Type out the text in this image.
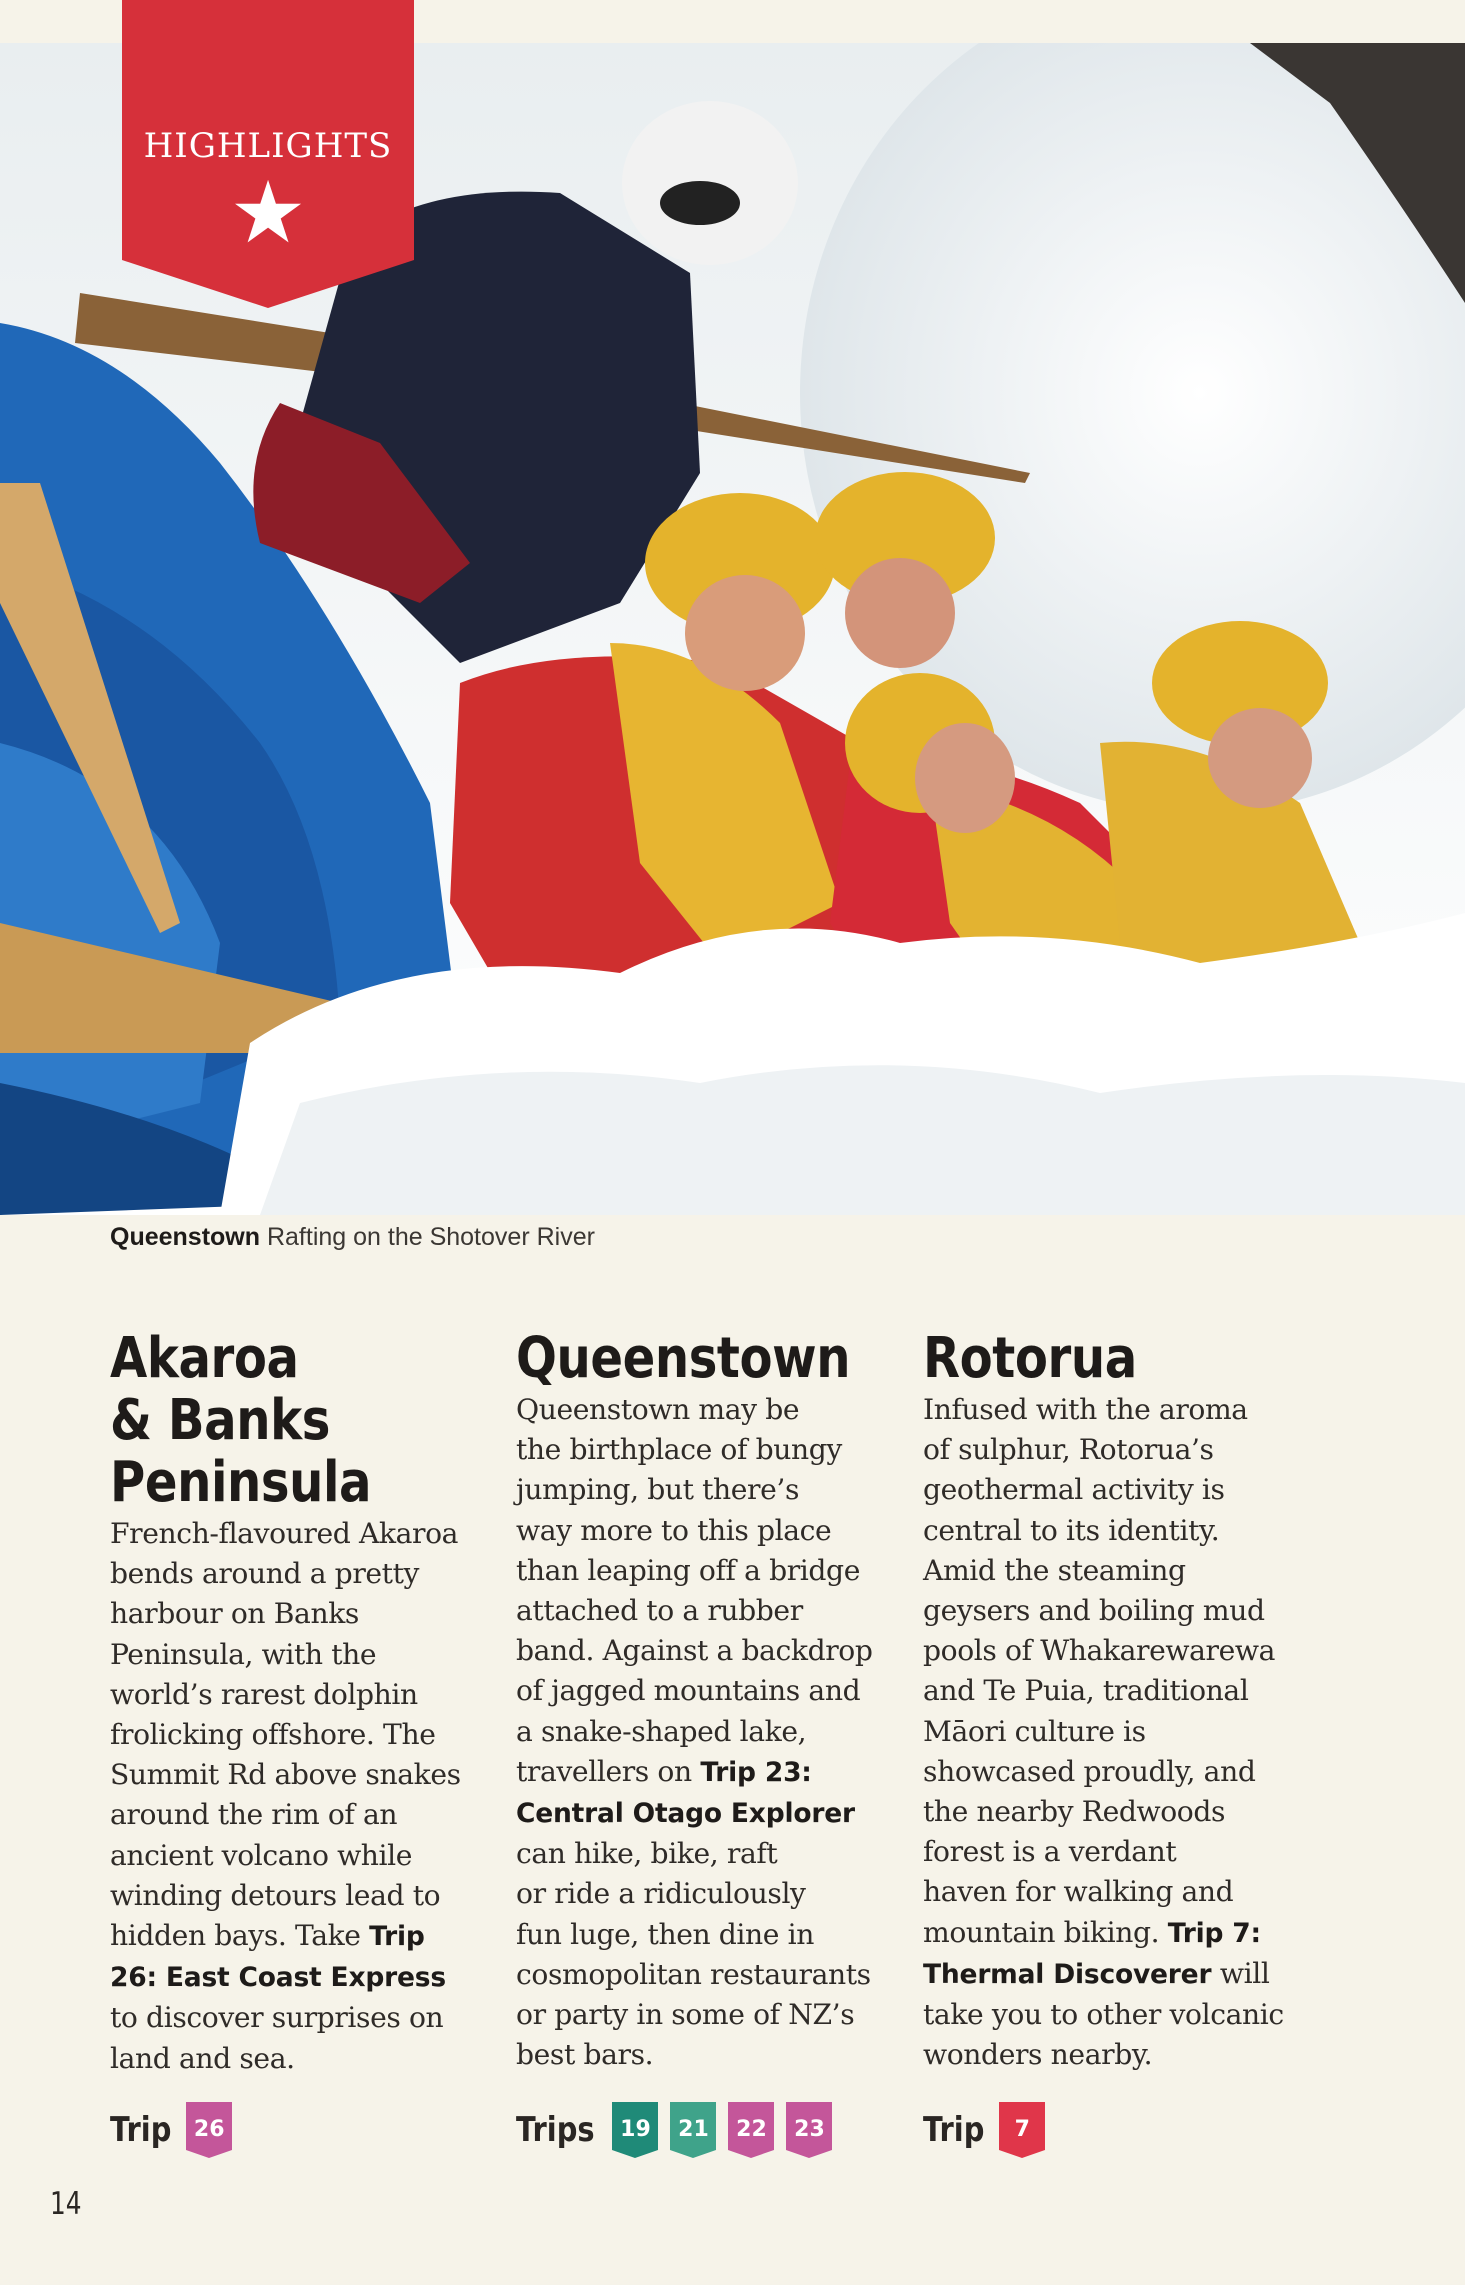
HIGHLIGHTS
★
Queenstown Rafting on the Shotover River
Akaroa
& Banks
Peninsula

French-flavoured Akaroa
bends around a pretty
harbour on Banks
Peninsula, with the
world’s rarest dolphin
frolicking offshore. The
Summit Rd above snakes
around the rim of an
ancient volcano while
winding detours lead to
hidden bays. Take Trip
26: East Coast Express
to discover surprises on
land and sea.

Queenstown

Queenstown may be
the birthplace of bungy
jumping, but there’s
way more to this place
than leaping off a bridge
attached to a rubber
band. Against a backdrop
of jagged mountains and
a snake-shaped lake,
travellers on Trip 23:
Central Otago Explorer
can hike, bike, raft
or ride a ridiculously
fun luge, then dine in
cosmopolitan restaurants
or party in some of NZ’s
best bars.

Rotorua

Infused with the aroma
of sulphur, Rotorua’s
geothermal activity is
central to its identity.
Amid the steaming
geysers and boiling mud
pools of Whakarewarewa
and Te Puia, traditional
Māori culture is
showcased proudly, and
the nearby Redwoods
forest is a verdant
haven for walking and
mountain biking. Trip 7:
Thermal Discoverer will
take you to other volcanic
wonders nearby.

Trip	26	Trips	19	21	22	23	Trip	7
14
